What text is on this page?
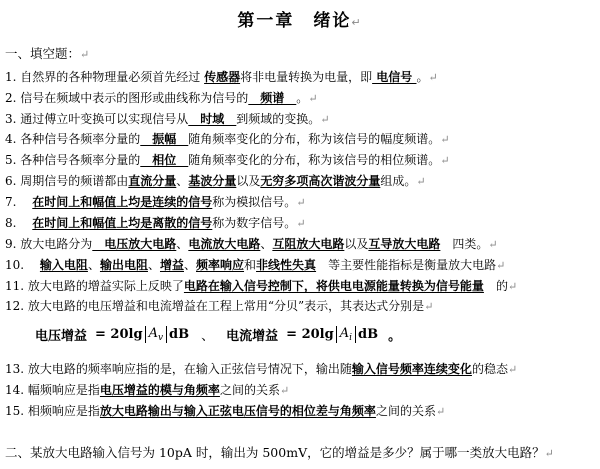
第一章　绪论↵
一、填空题：↵
1. 自然界的各种物理量必须首先经过 传感器将非电量转换为电量，即 电信号 。↵
2. 信号在频域中表示的图形或曲线称为信号的　频谱　。↵
3. 通过傅立叶变换可以实现信号从　时域　到频域的变换。↵
4. 各种信号各频率分量的　振幅　随角频率变化的分布，称为该信号的幅度频谱。↵
5. 各种信号各频率分量的　相位　随角频率变化的分布，称为该信号的相位频谱。↵
6. 周期信号的频谱都由直流分量、基波分量以及无穷多项高次谐波分量组成。↵
7. 　在时间上和幅值上均是连续的信号称为模拟信号。↵
8. 　在时间上和幅值上均是离散的信号称为数字信号。↵
9. 放大电路分为　电压放大电路、电流放大电路、互阻放大电路以及互导放大电路　四类。↵
10. 　输入电阻、输出电阻、增益、频率响应和非线性失真　等主要性能指标是衡量放大电路↵
11. 放大电路的增益实际上反映了电路在输入信号控制下，将供电电源能量转换为信号能量　的↵
12. 放大电路的电压增益和电流增益在工程上常用“分贝”表示，其表达式分别是↵
13. 放大电路的频率响应指的是，在输入正弦信号情况下，输出随输入信号频率连续变化的稳态↵
14. 幅频响应是指电压增益的模与角频率之间的关系↵
15. 相频响应是指放大电路输出与输入正弦电压信号的相位差与角频率之间的关系↵
电压增益 = 20lg $A_v$ dB 、 电流增益 = 20lg $A_i$ dB 。
二、某放大电路输入信号为 10pA 时，输出为 500mV，它的增益是多少？属于哪一类放大电路？↵
